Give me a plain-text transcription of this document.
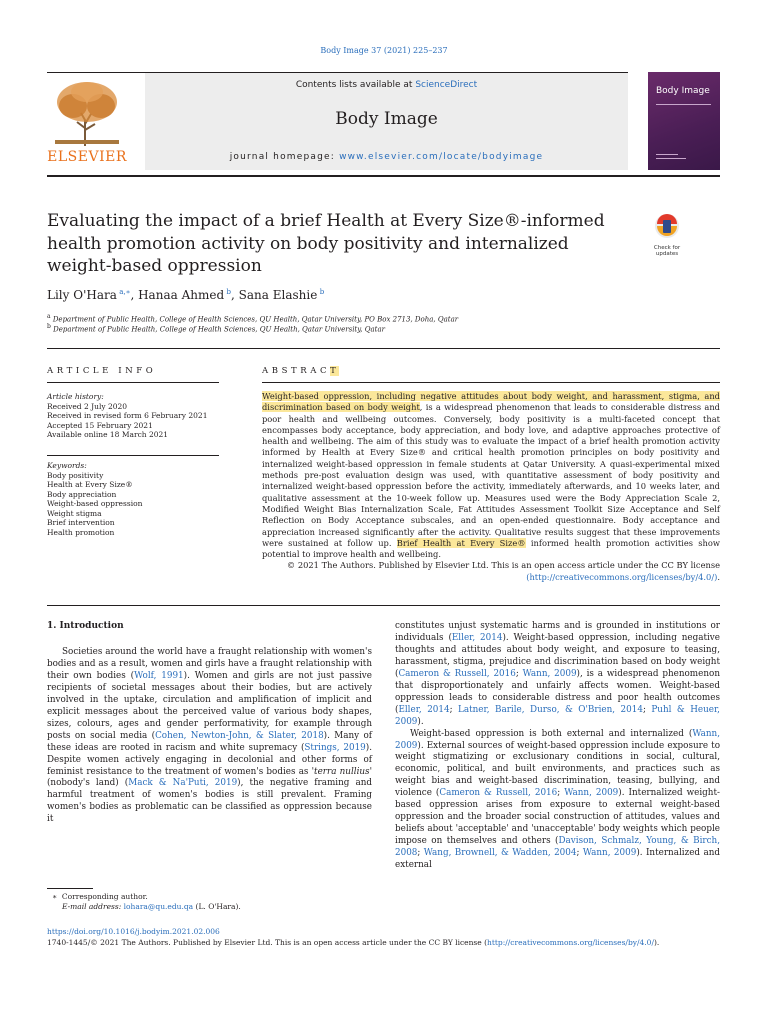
Body Image 37 (2021) 225–237
ELSEVIER
Contents lists available at ScienceDirect
Body Image
journal homepage: www.elsevier.com/locate/bodyimage
Body Image
Evaluating the impact of a brief Health at Every Size®-informed health promotion activity on body positivity and internalized weight-based oppression
Check for
updates
Lily O'Hara  $^{a,∗}$, Hanaa Ahmed  $^b$, Sana Elashie  $^b$
a Department of Public Health, College of Health Sciences, QU Health, Qatar University, PO Box 2713, Doha, Qatar
b Department of Public Health, College of Health Sciences, QU Health, Qatar University, Qatar
ARTICLE INFO
Article history:
Received 2 July 2020
Received in revised form 6 February 2021
Accepted 15 February 2021
Available online 18 March 2021
Keywords:
Body positivity
Health at Every Size®
Body appreciation
Weight-based oppression
Weight stigma
Brief intervention
Health promotion
ABSTRACT
Weight-based oppression, including negative attitudes about body weight, and harassment, stigma, and discrimination based on body weight, is a widespread phenomenon that leads to considerable distress and poor health and wellbeing outcomes. Conversely, body positivity is a multi-faceted concept that encompasses body acceptance, body appreciation, and body love, and adaptive approaches protective of health and wellbeing. The aim of this study was to evaluate the impact of a brief health promotion activity informed by Health at Every Size® and critical health promotion principles on body positivity and internalized weight-based oppression in female students at Qatar University. A quasi-experimental mixed methods pre-post evaluation design was used, with quantitative assessment of body positivity and internalized weight-based oppression before the activity, immediately afterwards, and 10 weeks later, and qualitative assessment at the 10-week follow up. Measures used were the Body Appreciation Scale 2, Modified Weight Bias Internalization Scale, Fat Attitudes Assessment Toolkit Size Acceptance and Self Reflection on Body Acceptance subscales, and an open-ended questionnaire. Body acceptance and appreciation increased significantly after the activity. Qualitative results suggest that these improvements were sustained at follow up. Brief Health at Every Size® informed health promotion activities show potential to improve health and wellbeing.
© 2021 The Authors. Published by Elsevier Ltd. This is an open access article under the CC BY license
(http://creativecommons.org/licenses/by/4.0/).
1. Introduction

Societies around the world have a fraught relationship with women's bodies and as a result, women and girls have a fraught relationship with their own bodies (Wolf, 1991). Women and girls are not just passive recipients of societal messages about their bodies, but are actively involved in the uptake, circulation and amplification of implicit and explicit messages about the perceived value of various body shapes, sizes, colours, ages and gender performativity, for example through posts on social media (Cohen, Newton-John, & Slater, 2018). Many of these ideas are rooted in racism and white supremacy (Strings, 2019). Despite women actively engaging in decolonial and other forms of feminist resistance to the treatment of women's bodies as 'terra nullius' (nobody's land) (Mack & Na'Puti, 2019), the negative framing and harmful treatment of women's bodies is still prevalent. Framing women's bodies as problematic can be classified as oppression because it

constitutes unjust systematic harms and is grounded in institutions or individuals (Eller, 2014). Weight-based oppression, including negative thoughts and attitudes about body weight, and exposure to teasing, harassment, stigma, prejudice and discrimination based on body weight (Cameron & Russell, 2016; Wann, 2009), is a widespread phenomenon that disproportionately and unfairly affects women. Weight-based oppression leads to considerable distress and poor health outcomes (Eller, 2014; Latner, Barile, Durso, & O'Brien, 2014; Puhl & Heuer, 2009).

Weight-based oppression is both external and internalized (Wann, 2009). External sources of weight-based oppression include exposure to weight stigmatizing or exclusionary conditions in social, cultural, economic, political, and built environments, and practices such as weight bias and weight-based discrimination, teasing, bullying, and violence (Cameron & Russell, 2016; Wann, 2009). Internalized weight-based oppression arises from exposure to external weight-based oppression and the broader social construction of attitudes, values and beliefs about 'acceptable' and 'unacceptable' body weights which people impose on themselves and others (Davison, Schmalz, Young, & Birch, 2008; Wang, Brownell, & Wadden, 2004; Wann, 2009). Internalized and external

∗ Corresponding author.
E-mail address: lohara@qu.edu.qa (L. O'Hara).
https://doi.org/10.1016/j.bodyim.2021.02.006
1740-1445/© 2021 The Authors. Published by Elsevier Ltd. This is an open access article under the CC BY license (http://creativecommons.org/licenses/by/4.0/).
